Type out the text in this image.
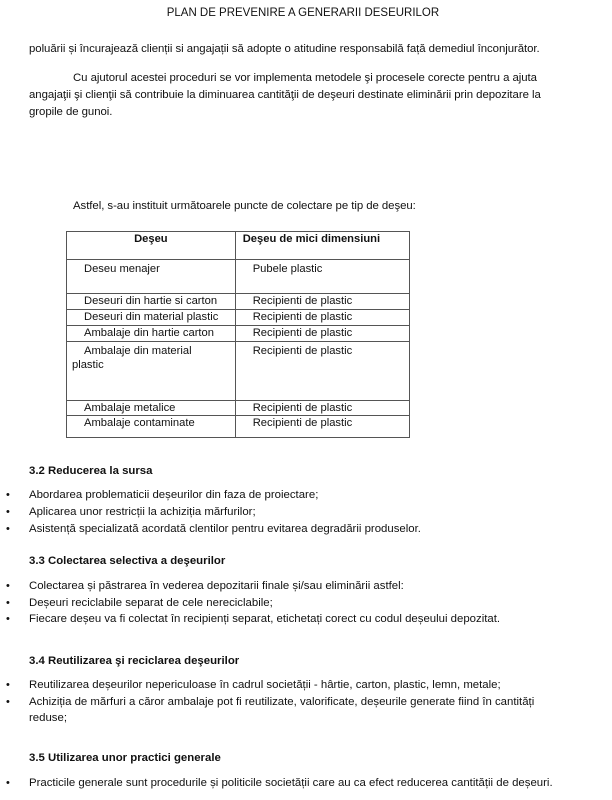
PLAN DE PREVENIRE A GENERARII DESEURILOR
poluării și încurajează clienții si angajații să adopte o atitudine responsabilă față demediul înconjurător.
Cu ajutorul acestei proceduri se vor implementa metodele şi procesele corecte pentru a ajuta
angajaţii şi clienţii să contribuie la diminuarea cantităţii de deşeuri destinate eliminării prin depozitare la
gropile de gunoi.
Astfel, s-au instituit următoarele puncte de colectare pe tip de deşeu:
Deşeu	Deşeu de mici dimensiuni

Deseu menajer	Pubele plastic

Deseuri din hartie si carton	Recipienti de plastic

Deseuri din material plastic	Recipienti de plastic

Ambalaje din hartie carton	Recipienti de plastic

Ambalaje din material plastic	Recipienti de plastic

Ambalaje metalice	Recipienti de plastic

Ambalaje contaminate	Recipienti de plastic
3.2 Reducerea la sursa
• Abordarea problematicii deșeurilor din faza de proiectare;
• Aplicarea unor restricții la achiziția mărfurilor;
• Asistență specializată acordată clentilor pentru evitarea degradării produselor.
3.3 Colectarea selectiva a deşeurilor
• Colectarea și păstrarea în vederea depozitarii finale și/sau eliminării astfel:
• Deșeuri reciclabile separat de cele nereciclabile;
• Fiecare deșeu va fi colectat în recipienți separat, etichetați corect cu codul deșeului depozitat.
3.4 Reutilizarea şi reciclarea deşeurilor
• Reutilizarea deșeurilor nepericuloase în cadrul societății - hârtie, carton, plastic, lemn, metale;
• Achiziția de mărfuri a căror ambalaje pot fi reutilizate, valorificate, deșeurile generate fiind în cantități
reduse;
3.5 Utilizarea unor practici generale
• Practicile generale sunt procedurile și politicile societății care au ca efect reducerea cantității de deșeuri.
